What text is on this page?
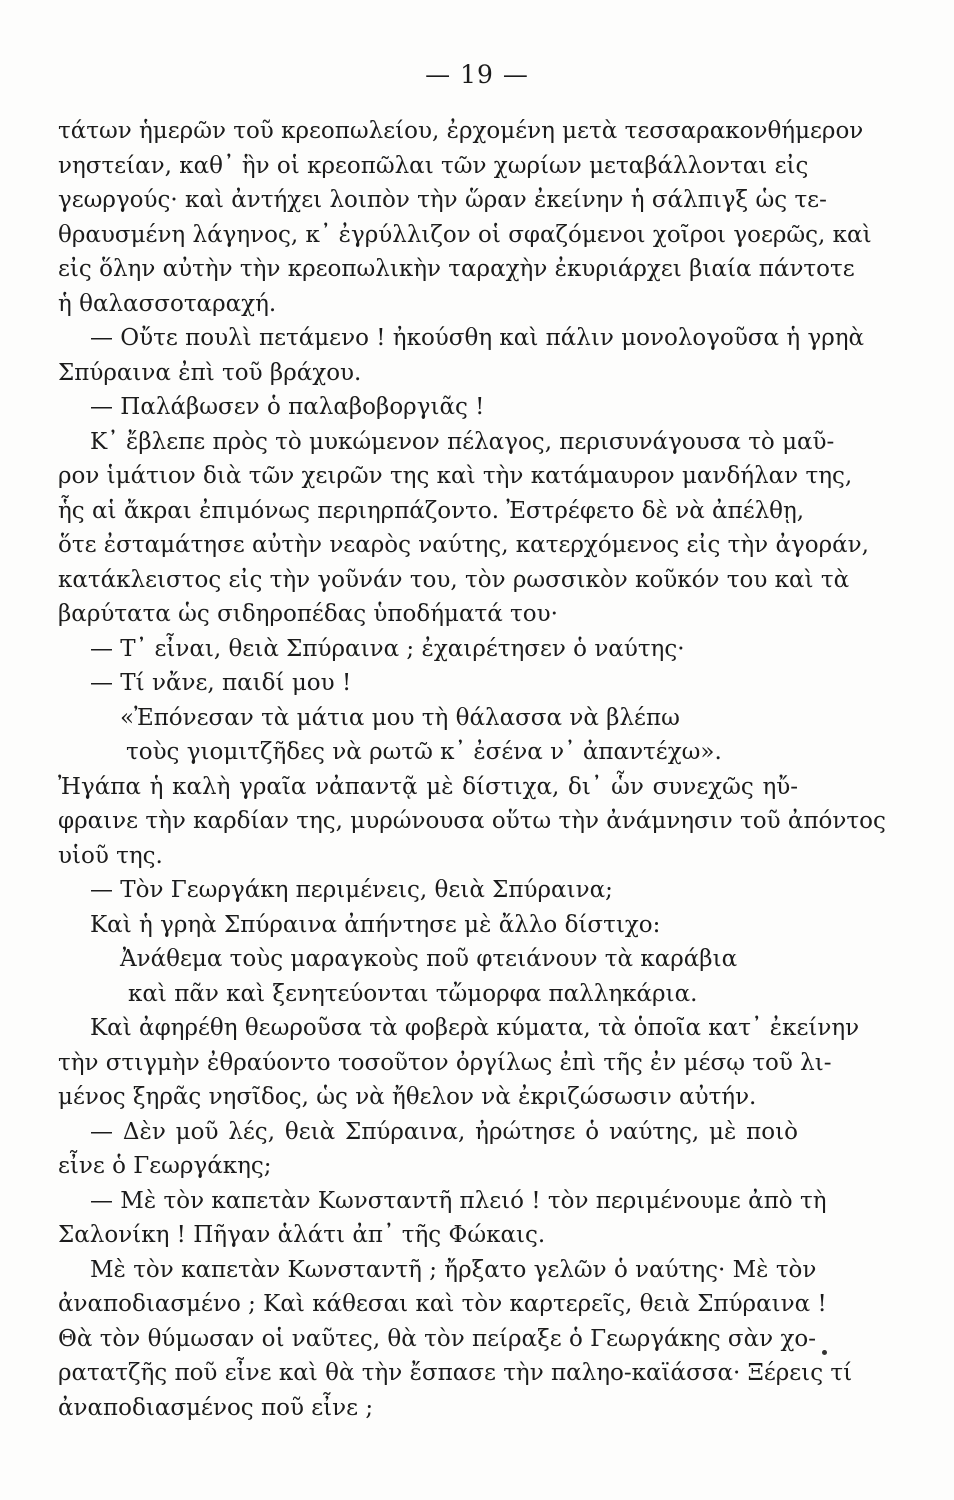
— 19 —
τάτων ἡμερῶν τοῦ κρεοπωλείου, ἐρχομένη μετὰ τεσσαρακονθήμερον
νηστείαν, καθ᾽ ἣν οἱ κρεοπῶλαι τῶν χωρίων μεταβάλλονται εἰς
γεωργούς· καὶ ἀντήχει λοιπὸν τὴν ὥραν ἐκείνην ἡ σάλπιγξ ὡς τε-
θραυσμένη λάγηνος, κ᾽ ἐγρύλλιζον οἱ σφαζόμενοι χοῖροι γοερῶς, καὶ
εἰς ὅλην αὐτὴν τὴν κρεοπωλικὴν ταραχὴν ἐκυριάρχει βιαία πάντοτε
ἡ θαλασσοταραχή.
— Οὔτε πουλὶ πετάμενο ! ἠκούσθη καὶ πάλιν μονολογοῦσα ἡ γρηὰ
Σπύραινα ἐπὶ τοῦ βράχου.
— Παλάβωσεν ὁ παλαβοβοργιᾶς !
Κ᾽ ἔβλεπε πρὸς τὸ μυκώμενον πέλαγος, περισυνάγουσα τὸ μαῦ-
ρον ἱμάτιον διὰ τῶν χειρῶν της καὶ τὴν κατάμαυρον μανδήλαν της,
ἧς αἱ ἄκραι ἐπιμόνως περιηρπάζοντο. Ἐστρέφετο δὲ νὰ ἀπέλθῃ,
ὅτε ἐσταμάτησε αὐτὴν νεαρὸς ναύτης, κατερχόμενος εἰς τὴν ἀγοράν,
κατάκλειστος εἰς τὴν γοῦνάν του, τὸν ρωσσικὸν κοῦκόν του καὶ τὰ
βαρύτατα ὡς σιδηροπέδας ὑποδήματά του·
— Τ᾽ εἶναι, θειὰ Σπύραινα ; ἐχαιρέτησεν ὁ ναύτης·
— Τί νἄνε, παιδί μου !
«Ἐπόνεσαν τὰ μάτια μου τὴ θάλασσα νὰ βλέπω
τοὺς γιομιτζῆδες νὰ ρωτῶ κ᾽ ἐσένα ν᾽ ἀπαντέχω».
Ἠγάπα ἡ καλὴ γραῖα νἀπαντᾷ μὲ δίστιχα, δι᾽ ὧν συνεχῶς ηὔ-
φραινε τὴν καρδίαν της, μυρώνουσα οὕτω τὴν ἀνάμνησιν τοῦ ἀπόντος
υἱοῦ της.
— Τὸν Γεωργάκη περιμένεις, θειὰ Σπύραινα;
Καὶ ἡ γρηὰ Σπύραινα ἀπήντησε μὲ ἄλλο δίστιχο:
Ἀνάθεμα τοὺς μαραγκοὺς ποῦ φτειάνουν τὰ καράβια
καὶ πᾶν καὶ ξενητεύονται τὤμορφα παλληκάρια.
Καὶ ἀφηρέθη θεωροῦσα τὰ φοβερὰ κύματα, τὰ ὁποῖα κατ᾽ ἐκείνην
τὴν στιγμὴν ἐθραύοντο τοσοῦτον ὀργίλως ἐπὶ τῆς ἐν μέσῳ τοῦ λι-
μένος ξηρᾶς νησῖδος, ὡς νὰ ἤθελον νὰ ἐκριζώσωσιν αὐτήν.
— Δὲν μοῦ λές, θειὰ Σπύραινα, ἠρώτησε ὁ ναύτης, μὲ ποιὸ
εἶνε ὁ Γεωργάκης;
— Μὲ τὸν καπετὰν Κωνσταντῆ πλειό ! τὸν περιμένουμε ἀπὸ τὴ
Σαλονίκη ! Πῆγαν ἁλάτι ἀπ᾽ τῆς Φώκαις.
Μὲ τὸν καπετὰν Κωνσταντῆ ; ἤρξατο γελῶν ὁ ναύτης· Μὲ τὸν
ἀναποδιασμένο ; Καὶ κάθεσαι καὶ τὸν καρτερεῖς, θειὰ Σπύραινα !
Θὰ τὸν θύμωσαν οἱ ναῦτες, θὰ τὸν πείραξε ὁ Γεωργάκης σὰν χο-
ρατατζῆς ποῦ εἶνε καὶ θὰ τὴν ἔσπασε τὴν παληο-καϊάσσα· Ξέρεις τί
ἀναποδιασμένος ποῦ εἶνε ;
